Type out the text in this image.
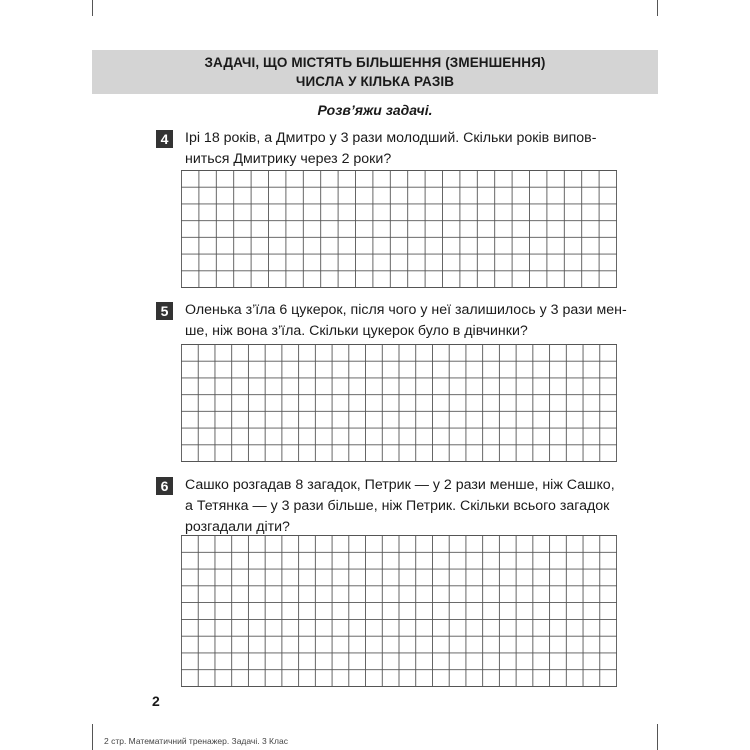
ЗАДАЧІ, ЩО МІСТЯТЬ БІЛЬШЕННЯ (ЗМЕНШЕННЯ)
ЧИСЛА У КІЛЬКА РАЗІВ
Розв’яжи задачі.
4	Ірі 18 років, а Дмитро у 3 рази молодший. Скільки років випов-
ниться Дмитрику через 2 роки?
5	Оленька з’їла 6 цукерок, після чого у неї залишилось у 3 рази мен-
ше, ніж вона з’їла. Скільки цукерок було в дівчинки?
6	Сашко розгадав 8 загадок, Петрик — у 2 рази менше, ніж Сашко,
а Тетянка — у 3 рази більше, ніж Петрик. Скільки всього загадок
розгадали діти?
2
2 стр. Математичний тренажер. Задачі. 3 Клас
